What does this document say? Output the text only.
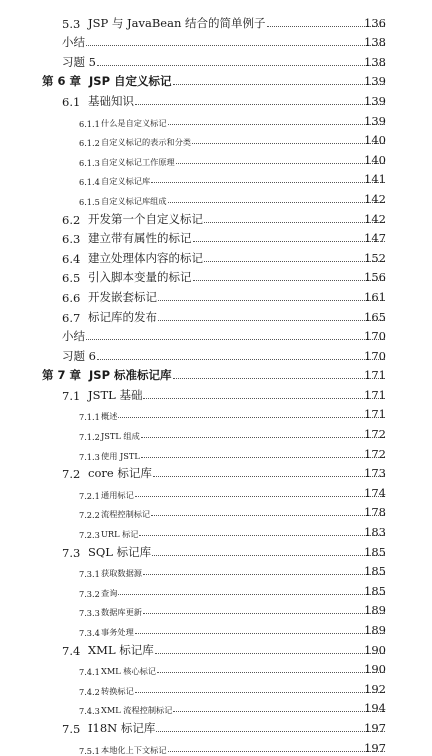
5.3 JSP 与 JavaBean 结合的简单例子	136
小结	138
习题 5	138
第 6 章 JSP 自定义标记	139
6.1 基础知识	139
6.1.1 什么是自定义标记	139
6.1.2 自定义标记的表示和分类	140
6.1.3 自定义标记工作原理	140
6.1.4 自定义标记库	141
6.1.5 自定义标记库组成	142
6.2 开发第一个自定义标记	142
6.3 建立带有属性的标记	147
6.4 建立处理体内容的标记	152
6.5 引入脚本变量的标记	156
6.6 开发嵌套标记	161
6.7 标记库的发布	165
小结	170
习题 6	170
第 7 章 JSP 标准标记库	171
7.1 JSTL 基础	171
7.1.1 概述	171
7.1.2 JSTL 组成	172
7.1.3 使用 JSTL	172
7.2 core 标记库	173
7.2.1 通用标记	174
7.2.2 流程控制标记	178
7.2.3 URL 标记	183
7.3 SQL 标记库	185
7.3.1 获取数据源	185
7.3.2 查询	185
7.3.3 数据库更新	189
7.3.4 事务处理	189
7.4 XML 标记库	190
7.4.1 XML 核心标记	190
7.4.2 转换标记	192
7.4.3 XML 流程控制标记	194
7.5 I18N 标记库	197
7.5.1 本地化上下文标记	197
